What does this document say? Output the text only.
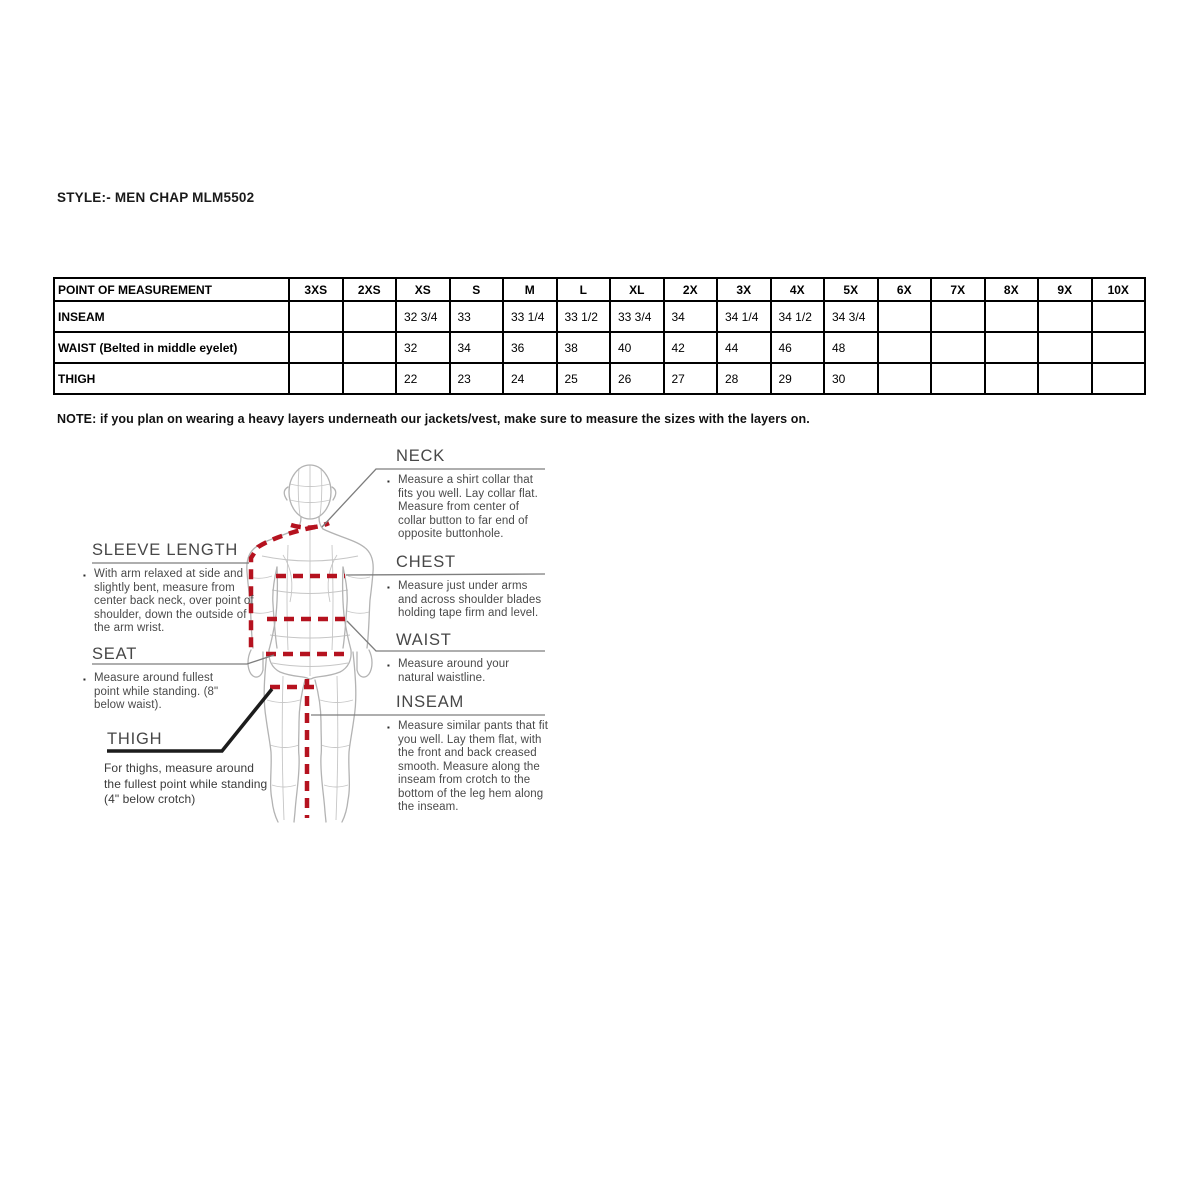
STYLE:- MEN CHAP MLM5502
POINT OF MEASUREMENT	3XS	2XS	XS	S	M	L	XL	2X	3X	4X	5X	6X	7X	8X	9X	10X
INSEAM			32 3/4	33	33 1/4	33 1/2	33 3/4	34	34 1/4	34 1/2	34 3/4					
WAIST (Belted in middle eyelet)			32	34	36	38	40	42	44	46	48					
THIGH			22	23	24	25	26	27	28	29	30					
NOTE: if you plan on wearing a heavy layers underneath our jackets/vest, make sure to measure the sizes with the layers on.
NECK
▪ Measure a shirt collar that fits you well. Lay collar flat. Measure from center of collar button to far end of opposite buttonhole.
CHEST
▪ Measure just under arms and across shoulder blades holding tape firm and level.
WAIST
▪ Measure around your natural waistline.
INSEAM
▪ Measure similar pants that fit you well. Lay them flat, with the front and back creased smooth. Measure along the inseam from crotch to the bottom of the leg hem along the inseam.
SLEEVE LENGTH
▪ With arm relaxed at side and slightly bent, measure from center back neck, over point of shoulder, down the outside of the arm wrist.
SEAT
▪ Measure around fullest point while standing. (8" below waist).
THIGH
For thighs, measure around the fullest point while standing (4" below crotch)
